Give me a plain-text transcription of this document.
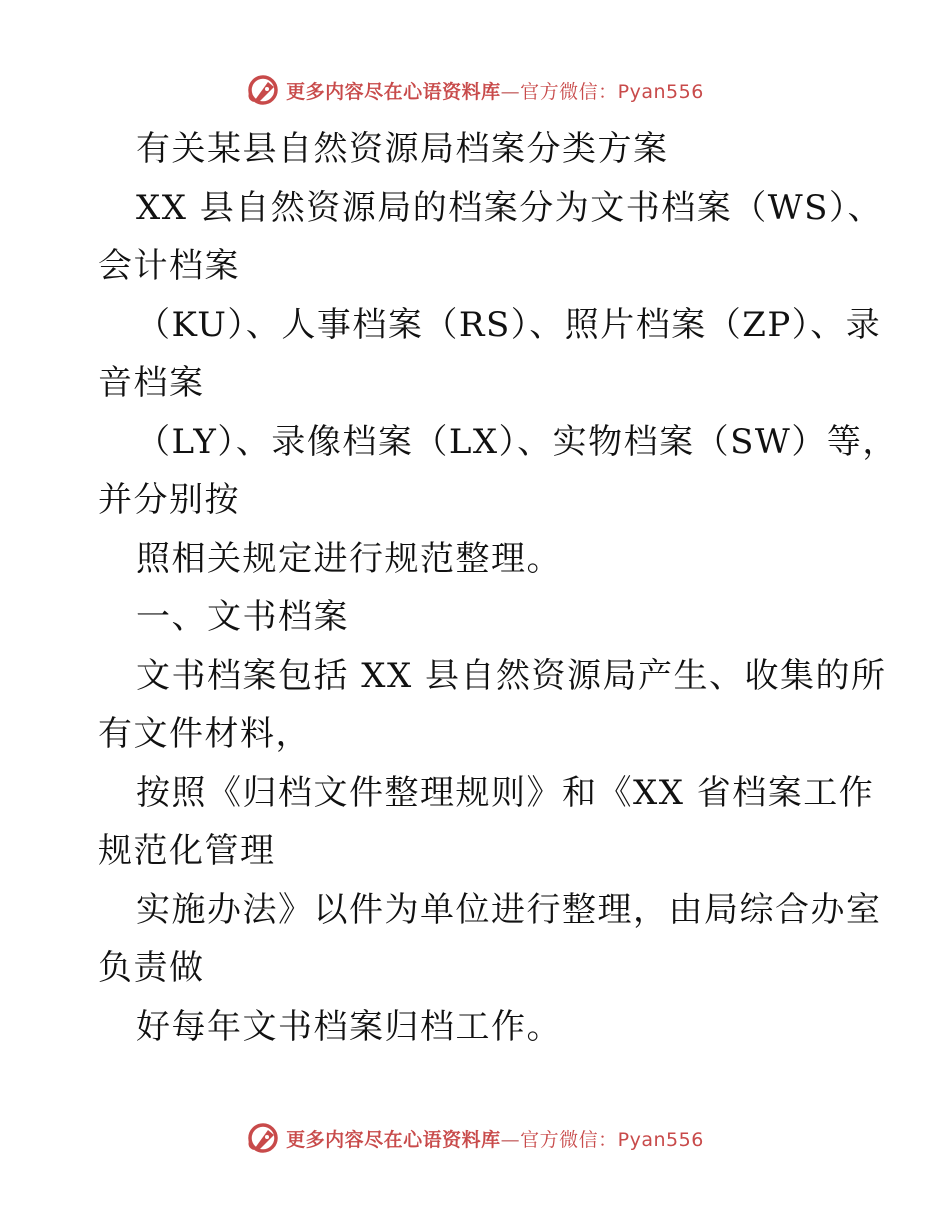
更多内容尽在心语资料库—官方微信：Pyan556
有关某县自然资源局档案分类方案
XX 县自然资源局的档案分为文书档案（WS）、
会计档案
（KU）、人事档案（RS）、照片档案（ZP）、录
音档案
（LY）、录像档案（LX）、实物档案（SW）等，
并分别按
照相关规定进行规范整理。
一、文书档案
文书档案包括 XX 县自然资源局产生、收集的所
有文件材料，
按照《归档文件整理规则》和《XX 省档案工作
规范化管理
实施办法》以件为单位进行整理，由局综合办室
负责做
好每年文书档案归档工作。
更多内容尽在心语资料库—官方微信：Pyan556
